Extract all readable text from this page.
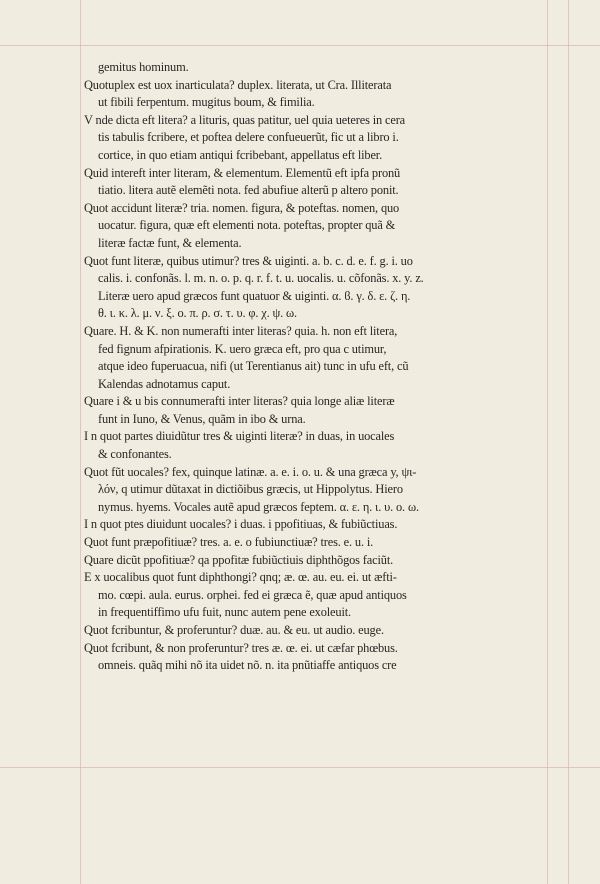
gemitus hominum.
Quotuplex est uox inarticulata? duplex. literata, ut Cra. Illiterata
ut fibili ferpentum. mugitus boum, & fimilia.
V nde dicta eft litera? a lituris, quas patitur, uel quia ueteres in cera
tis tabulis fcribere, et poftea delere confueuerũt, fic ut a libro i.
cortice, in quo etiam antiqui fcribebant, appellatus eft liber.
Quid intereft inter literam, & elementum. Elementũ eft ipfa pronũ
tiatio. litera autẽ elemẽti nota. fed abufiue alterũ p altero ponit.
Quot accidunt literæ? tria. nomen. figura, & poteftas. nomen, quo
uocatur. figura, quæ eft elementi nota. poteftas, propter quã &
literæ factæ funt, & elementa.
Quot funt literæ, quibus utimur? tres & uiginti. a. b. c. d. e. f. g. i. uo
calis. i. confonãs. l. m. n. o. p. q. r. f. t. u. uocalis. u. cõfonãs. x. y. z.
Literæ uero apud græcos funt quatuor & uiginti. α. ϐ. γ. δ. ε. ζ. η.
θ. ι. κ. λ. μ. ν. ξ. ο. π. ρ. σ. τ. υ. φ. χ. ψ. ω.
Quare. H. & K. non numerafti inter literas? quia. h. non eft litera,
fed fignum afpirationis. K. uero græca eft, pro qua c utimur,
atque ideo fuperuacua, nifi (ut Terentianus ait) tunc in ufu eft, cũ
Kalendas adnotamus caput.
Quare i & u bis connumerafti inter literas? quia longe aliæ literæ
funt in Iuno, & Venus, quãm in ibo & urna.
I n quot partes diuidũtur tres & uiginti literæ? in duas, in uocales
& confonantes.
Quot fũt uocales? fex, quinque latinæ. a. e. i. o. u. & una græca y, ψι-
λόν, q utimur dũtaxat in dictiõibus græcis, ut Hippolytus. Hiero
nymus. hyems. Vocales autẽ apud græcos feptem. α. ε. η. ι. υ. ο. ω.
I n quot ptes diuidunt uocales? i duas. i ppofitiuas, & fubiũctiuas.
Quot funt præpofitiuæ? tres. a. e. o fubiunctiuæ? tres. e. u. i.
Quare dicũt ppofitiuæ? qa ppofitæ fubiũctiuis diphthõgos faciũt.
E x uocalibus quot funt diphthongi? qnq; æ. œ. au. eu. ei. ut æfti-
mo. cœpi. aula. eurus. orphei. fed ei græca ẽ, quæ apud antiquos
in frequentiffimo ufu fuit, nunc autem pene exoleuit.
Quot fcribuntur, & proferuntur? duæ. au. & eu. ut audio. euge.
Quot fcribunt, & non proferuntur? tres æ. œ. ei. ut cæfar phœbus.
omneis. quãq mihi nõ ita uidet nõ. n. ita pnũtiaffe antiquos cre
